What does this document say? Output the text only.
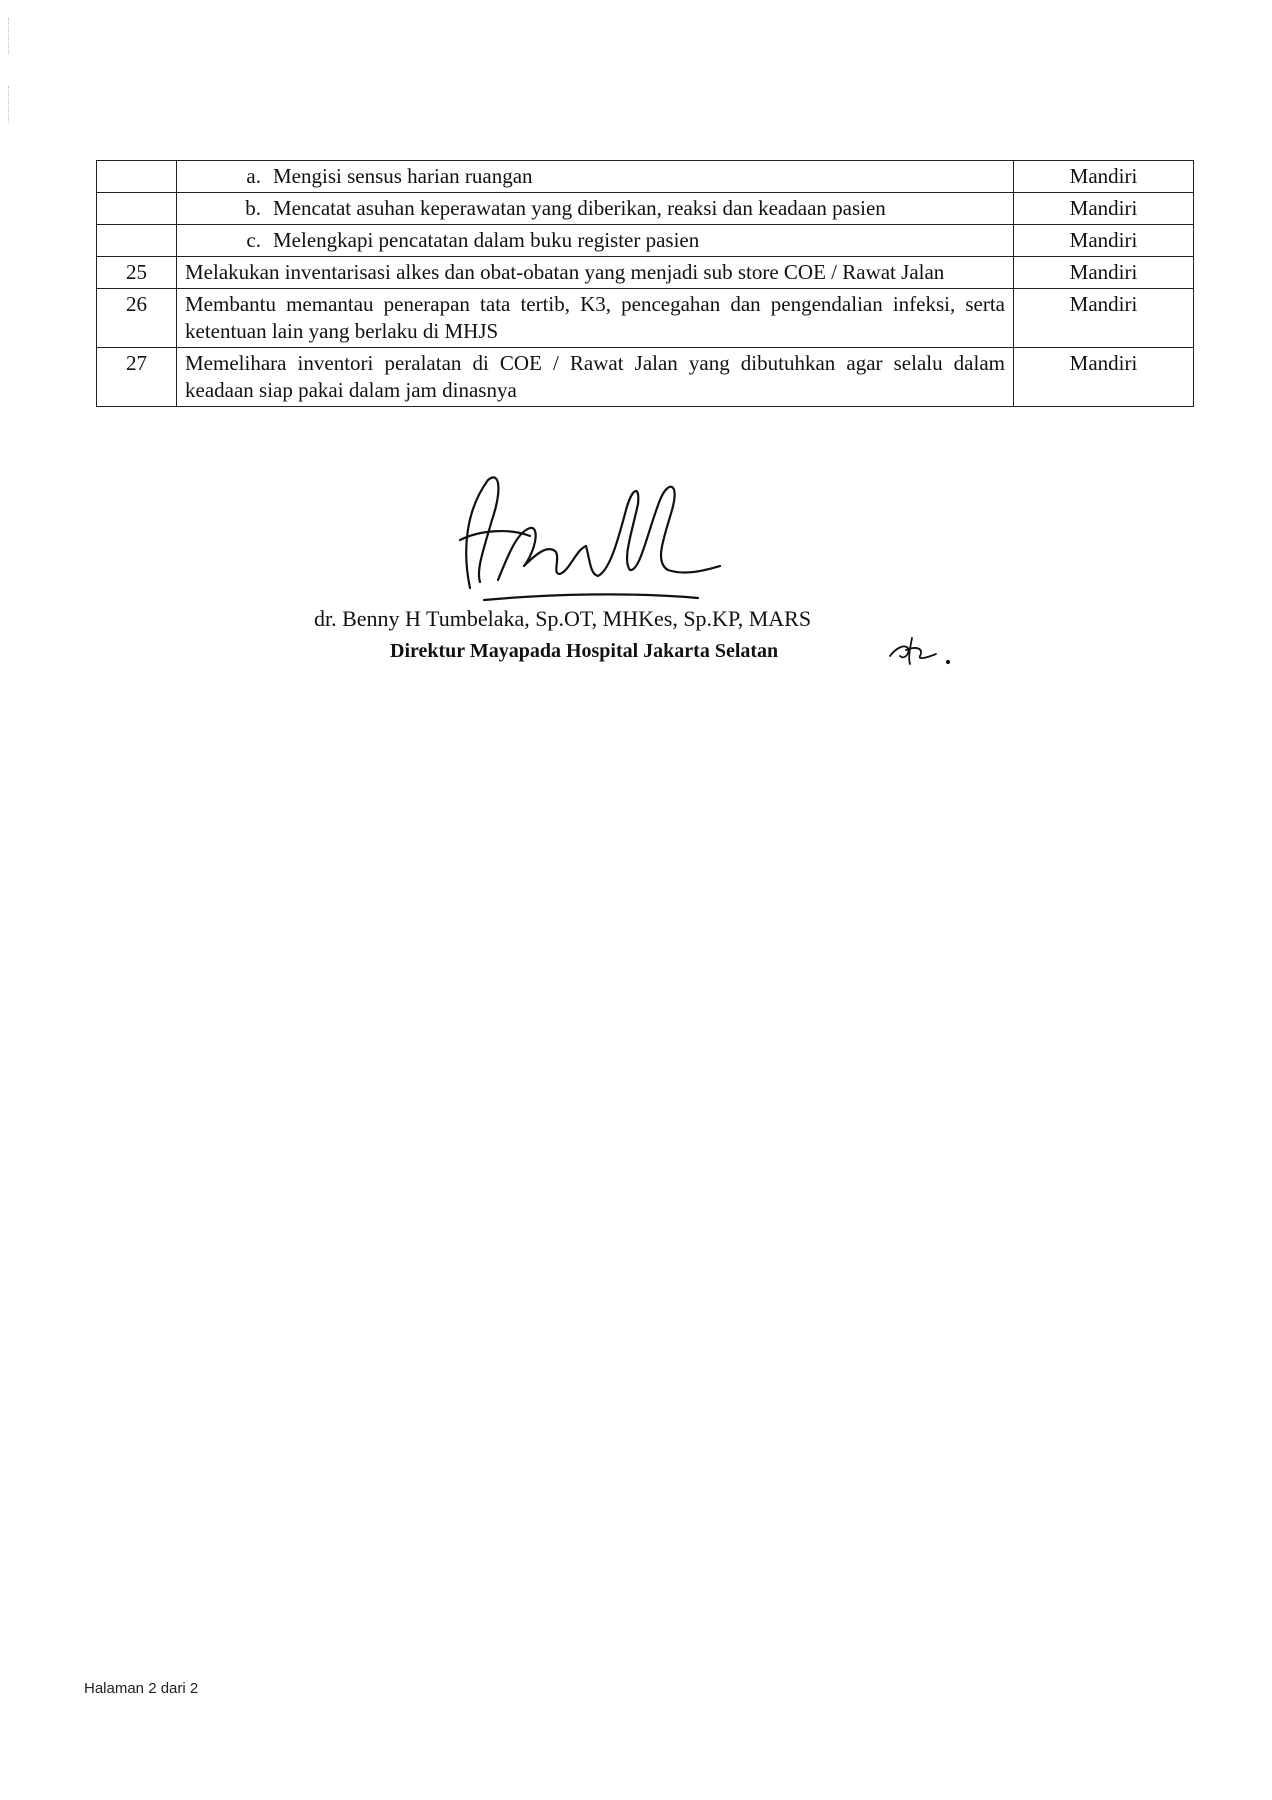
	a. Mengisi sensus harian ruangan	Mandiri
	b. Mencatat asuhan keperawatan yang diberikan, reaksi dan keadaan pasien	Mandiri
	c. Melengkapi pencatatan dalam buku register pasien	Mandiri
25	Melakukan inventarisasi alkes dan obat-obatan yang menjadi sub store COE / Rawat Jalan	Mandiri
26	Membantu memantau penerapan tata tertib, K3, pencegahan dan pengendalian infeksi, serta ketentuan lain yang berlaku di MHJS	Mandiri
27	Memelihara inventori peralatan di COE / Rawat Jalan yang dibutuhkan agar selalu dalam keadaan siap pakai dalam jam dinasnya	Mandiri
dr. Benny H Tumbelaka, Sp.OT, MHKes, Sp.KP, MARS
Direktur Mayapada Hospital Jakarta Selatan
Halaman 2 dari 2
